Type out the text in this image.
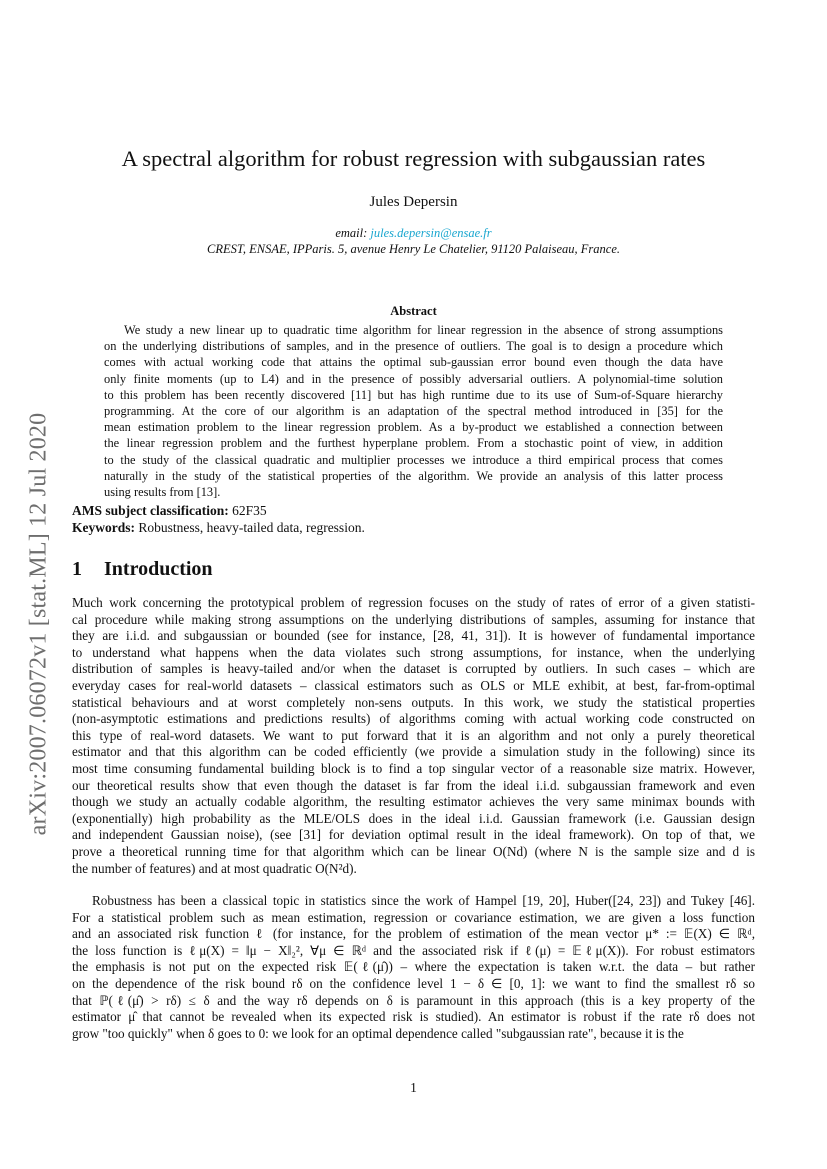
arXiv:2007.06072v1 [stat.ML] 12 Jul 2020
A spectral algorithm for robust regression with subgaussian rates
Jules Depersin
email: jules.depersin@ensae.fr
CREST, ENSAE, IPParis. 5, avenue Henry Le Chatelier, 91120 Palaiseau, France.
Abstract
We study a new linear up to quadratic time algorithm for linear regression in the absence of strong assumptions
on the underlying distributions of samples, and in the presence of outliers. The goal is to design a procedure which
comes with actual working code that attains the optimal sub-gaussian error bound even though the data have
only finite moments (up to L4) and in the presence of possibly adversarial outliers. A polynomial-time solution
to this problem has been recently discovered [11] but has high runtime due to its use of Sum-of-Square hierarchy
programming. At the core of our algorithm is an adaptation of the spectral method introduced in [35] for the
mean estimation problem to the linear regression problem. As a by-product we established a connection between
the linear regression problem and the furthest hyperplane problem. From a stochastic point of view, in addition
to the study of the classical quadratic and multiplier processes we introduce a third empirical process that comes
naturally in the study of the statistical properties of the algorithm. We provide an analysis of this latter process
using results from [13].
AMS subject classification: 62F35
Keywords: Robustness, heavy-tailed data, regression.
1 Introduction
Much work concerning the prototypical problem of regression focuses on the study of rates of error of a given statisti-
cal procedure while making strong assumptions on the underlying distributions of samples, assuming for instance that
they are i.i.d. and subgaussian or bounded (see for instance, [28, 41, 31]). It is however of fundamental importance
to understand what happens when the data violates such strong assumptions, for instance, when the underlying
distribution of samples is heavy-tailed and/or when the dataset is corrupted by outliers. In such cases – which are
everyday cases for real-world datasets – classical estimators such as OLS or MLE exhibit, at best, far-from-optimal
statistical behaviours and at worst completely non-sens outputs. In this work, we study the statistical properties
(non-asymptotic estimations and predictions results) of algorithms coming with actual working code constructed on
this type of real-word datasets. We want to put forward that it is an algorithm and not only a purely theoretical
estimator and that this algorithm can be coded efficiently (we provide a simulation study in the following) since its
most time consuming fundamental building block is to find a top singular vector of a reasonable size matrix. However,
our theoretical results show that even though the dataset is far from the ideal i.i.d. subgaussian framework and even
though we study an actually codable algorithm, the resulting estimator achieves the very same minimax bounds with
(exponentially) high probability as the MLE/OLS does in the ideal i.i.d. Gaussian framework (i.e. Gaussian design
and independent Gaussian noise), (see [31] for deviation optimal result in the ideal framework). On top of that, we
prove a theoretical running time for that algorithm which can be linear O(Nd) (where N is the sample size and d is
the number of features) and at most quadratic O(N²d).
Robustness has been a classical topic in statistics since the work of Hampel [19, 20], Huber([24, 23]) and Tukey [46].
For a statistical problem such as mean estimation, regression or covariance estimation, we are given a loss function
and an associated risk function ℓ (for instance, for the problem of estimation of the mean vector μ* := 𝔼(X) ∈ ℝᵈ,
the loss function is ℓμ(X) = ‖μ − X‖₂², ∀μ ∈ ℝᵈ and the associated risk if ℓ(μ) = 𝔼ℓμ(X)). For robust estimators
the emphasis is not put on the expected risk 𝔼(ℓ(μ̂)) – where the expectation is taken w.r.t. the data – but rather
on the dependence of the risk bound rδ on the confidence level 1 − δ ∈ [0, 1]: we want to find the smallest rδ so
that ℙ(ℓ(μ̂) > rδ) ≤ δ and the way rδ depends on δ is paramount in this approach (this is a key property of the
estimator μ̂ that cannot be revealed when its expected risk is studied). An estimator is robust if the rate rδ does not
grow "too quickly" when δ goes to 0: we look for an optimal dependence called "subgaussian rate", because it is the
1
